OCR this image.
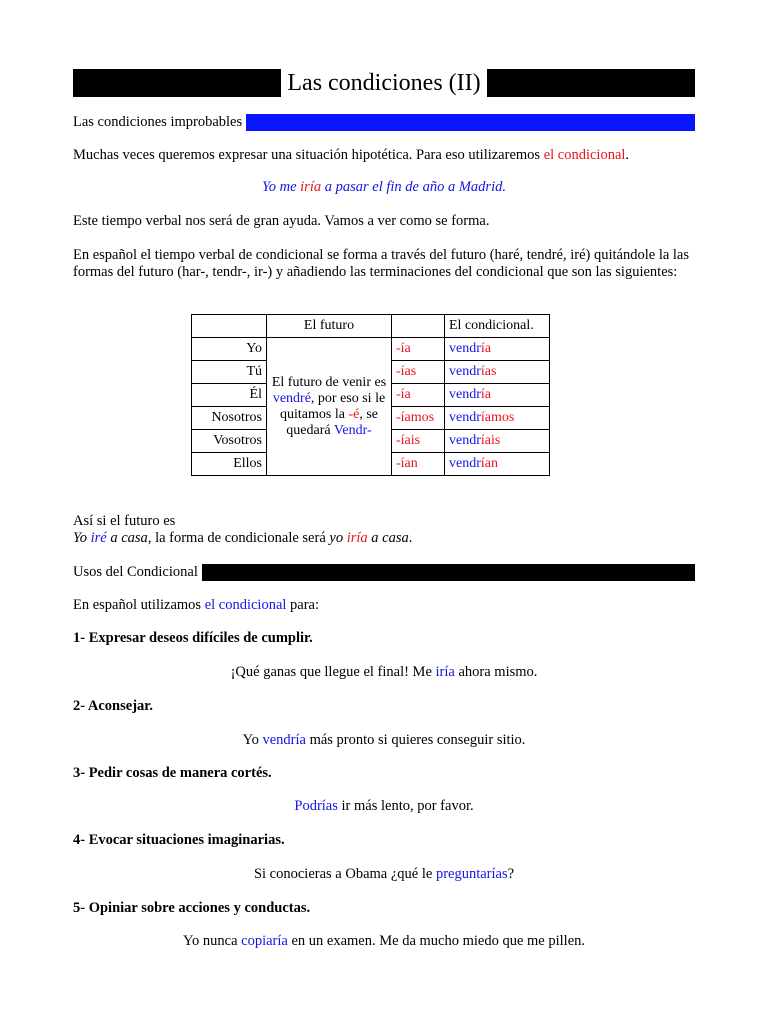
Las condiciones (II)
Las condiciones improbables
Muchas veces queremos expresar una situación hipotética. Para eso utilizaremos el condicional.
Yo me iría a pasar el fin de año a Madrid.
Este tiempo verbal nos será de gran ayuda. Vamos a ver como se forma.
En español el tiempo verbal de condicional se forma a través del futuro (haré, tendré, iré) quitándole la las formas del futuro (har-, tendr-, ir-) y añadiendo las terminaciones del condicional que son las siguientes:
	El futuro		El condicional.
Yo	El futuro de venir es vendré, por eso si le quitamos la -é, se quedará Vendr-	-ía	vendría
Tú		-ías	vendrías
Él		-ía	vendría
Nosotros		-íamos	vendríamos
Vosotros		-íais	vendríais
Ellos		-ían	vendrían
Así si el futuro es
Yo iré a casa, la forma de condicionale será yo iría a casa.
Usos del Condicional
En español utilizamos el condicional para:
1- Expresar deseos difíciles de cumplir.
¡Qué ganas que llegue el final! Me iría ahora mismo.
2- Aconsejar.
Yo vendría más pronto si quieres conseguir sitio.
3- Pedir cosas de manera cortés.
Podrías ir más lento, por favor.
4- Evocar situaciones imaginarias.
Si conocieras a Obama ¿qué le preguntarías?
5- Opiniar sobre acciones y conductas.
Yo nunca copiaría en un examen. Me da mucho miedo que me pillen.
